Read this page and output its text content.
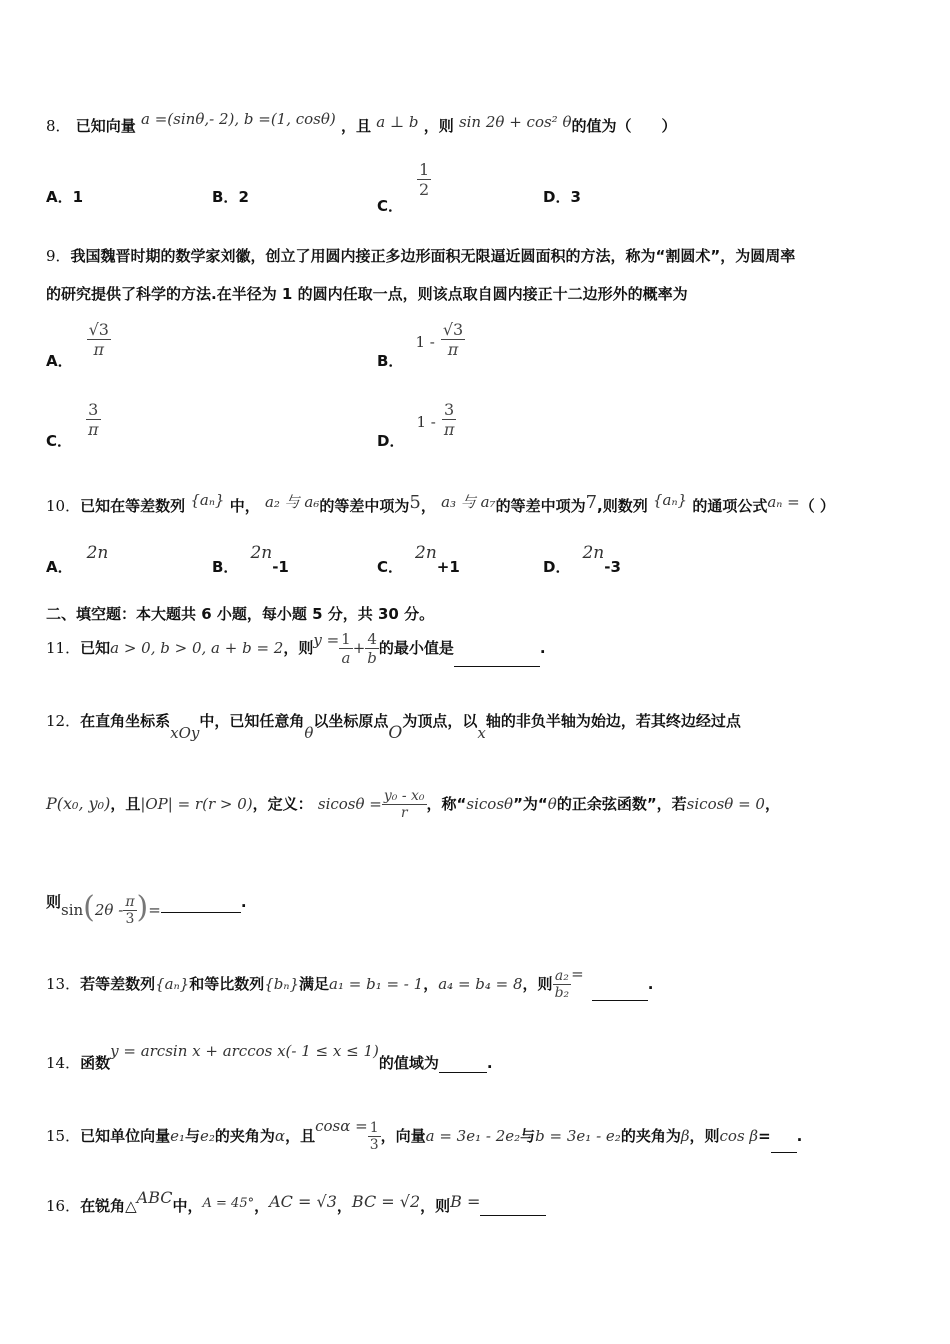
8． 已知向量 a =(sinθ,- 2), b =(1, cosθ) ，且 a ⊥ b ，则 sin 2θ + cos² θ的值为（　　）
A．1	B．2	C．
$\frac{1}{2}$	D．3
9．我国魏晋时期的数学家刘徽，创立了用圆内接正多边形面积无限逼近圆面积的方法，称为“割圆术”，为圆周率
的研究提供了科学的方法.在半径为 1 的圆内任取一点，则该点取自圆内接正十二边形外的概率为
A．
$\frac{√3}{\pi}$
B．$1 - \frac{√3}{\pi}$
C．
$\frac{3}{\pi}$
D．$1 - \frac{3}{\pi}$
10．已知在等差数列 {aₙ} 中， a₂ 与 a₆的等差中项为5， a₃ 与 a₇的等差中项为7,则数列 {aₙ} 的通项公式aₙ =（ ）
A．2n
B．2n-1	C．2n+1	D．2n-3
二、填空题：本大题共 6 小题，每小题 5 分，共 30 分。
11．已知a > 0, b > 0, a + b = 2，则$y = \frac{1}{a} + \frac{4}{b}$ 的最小值是	.
12．在直角坐标系xOy中，已知任意角θ以坐标原点O为顶点，以x轴的非负半轴为始边，若其终边经过点
P(x₀, y₀)，且|OP| = r(r > 0)，定义： $sicos\theta = \frac{\text{y₀ - x₀}}{r}$ ，称“sicosθ”为“θ的正余弦函数”，若sicosθ = 0，
则$\sin(2\theta - \frac{\pi}{3}$ )=	.
13．若等差数列{aₙ}和等比数列{bₙ}满足a₁ = b₁ = - 1，a₄ = b₄ = 8，则 $\frac{\text{a₂}}{\text{b₂}}$ =.
14．函数y = arcsin x + arccos x(- 1 ≤ x ≤ 1)的值域为	.
15．已知单位向量e₁与e₂的夹角为α，且$\cos\alpha = \frac{1}{3}$ ，向量a = 3e₁ - 2e₂与b = 3e₁ - e₂的夹角为β，则cos β= .
16．在锐角△ABC中，A = 45°，AC = √3，BC = √2，则B =
